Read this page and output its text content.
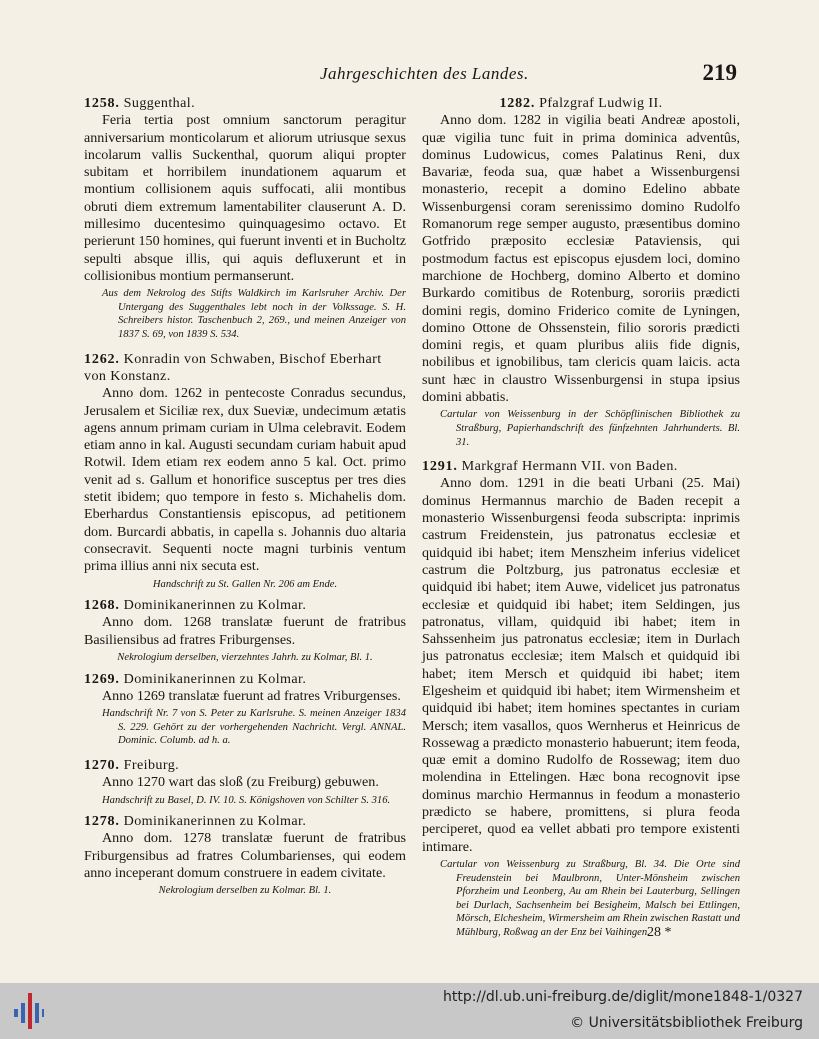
Jahrgeschichten des Landes.	219

1258. Suggenthal.

Feria tertia post omnium sanctorum peragitur anniversarium monticolarum et aliorum utriusque sexus incolarum vallis Suckenthal, quorum aliqui propter subitam et horribilem inundationem aquarum et montium collisionem aquis suffocati, alii montibus obruti diem extremum lamentabiliter clauserunt A. D. millesimo ducentesimo quinquagesimo octavo. Et perierunt 150 homines, qui fuerunt inventi et in Bucholtz sepulti absque illis, qui aquis defluxerunt et in collisionibus montium permanserunt.

Aus dem Nekrolog des Stifts Waldkirch im Karlsruher Archiv. Der Untergang des Suggenthales lebt noch in der Volkssage. S. H. Schreibers histor. Taschenbuch 2, 269., und meinen Anzeiger von 1837 S. 69, von 1839 S. 534.

1262. Konradin von Schwaben, Bischof Eberhart von Konstanz.

Anno dom. 1262 in pentecoste Conradus secundus, Jerusalem et Siciliæ rex, dux Sueviæ, undecimum ætatis agens annum primam curiam in Ulma celebravit. Eodem etiam anno in kal. Augusti secundam curiam habuit apud Rotwil. Idem etiam rex eodem anno 5 kal. Oct. primo venit ad s. Gallum et honorifice susceptus per tres dies stetit ibidem; quo tempore in festo s. Michahelis dom. Eberhardus Constantiensis episcopus, ad petitionem dom. Burcardi abbatis, in capella s. Johannis duo altaria consecravit. Sequenti nocte magni turbinis ventum prima illius anni nix secuta est.

Handschrift zu St. Gallen Nr. 206 am Ende.

1268. Dominikanerinnen zu Kolmar.

Anno dom. 1268 translatæ fuerunt de fratribus Basiliensibus ad fratres Friburgenses.

Nekrologium derselben, vierzehntes Jahrh. zu Kolmar, Bl. 1.

1269. Dominikanerinnen zu Kolmar.

Anno 1269 translatæ fuerunt ad fratres Vriburgenses.

Handschrift Nr. 7 von S. Peter zu Karlsruhe. S. meinen Anzeiger 1834 S. 229. Gehört zu der vorhergehenden Nachricht. Vergl. ANNAL. Dominic. Columb. ad h. a.

1270. Freiburg.

Anno 1270 wart das sloß (zu Freiburg) gebuwen.

Handschrift zu Basel, D. IV. 10. S. Königshoven von Schilter S. 316.

1278. Dominikanerinnen zu Kolmar.

Anno dom. 1278 translatæ fuerunt de fratribus Friburgensibus ad fratres Columbarienses, qui eodem anno inceperant domum construere in eadem civitate.

Nekrologium derselben zu Kolmar. Bl. 1.

1282. Pfalzgraf Ludwig II.

Anno dom. 1282 in vigilia beati Andreæ apostoli, quæ vigilia tunc fuit in prima dominica adventûs, dominus Ludowicus, comes Palatinus Reni, dux Bavariæ, feoda sua, quæ habet a Wissenburgensi monasterio, recepit a domino Edelino abbate Wissenburgensi coram serenissimo domino Rudolfo Romanorum rege semper augusto, præsentibus domino Gotfrido præposito ecclesiæ Pataviensis, qui postmodum factus est episcopus ejusdem loci, domino marchione de Hochberg, domino Alberto et domino Burkardo comitibus de Rotenburg, sororiis prædicti domini regis, domino Friderico comite de Lyningen, domino Ottone de Ohssenstein, filio sororis prædicti domini regis, et quam pluribus aliis fide dignis, nobilibus et ignobilibus, tam clericis quam laicis. acta sunt hæc in claustro Wissenburgensi in stupa ipsius domini abbatis.

Cartular von Weissenburg in der Schöpflinischen Bibliothek zu Straßburg, Papierhandschrift des fünfzehnten Jahrhunderts. Bl. 31.

1291. Markgraf Hermann VII. von Baden.

Anno dom. 1291 in die beati Urbani (25. Mai) dominus Hermannus marchio de Baden recepit a monasterio Wissenburgensi feoda subscripta: inprimis castrum Freidenstein, jus patronatus ecclesiæ et quidquid ibi habet; item Menszheim inferius videlicet castrum die Poltzburg, jus patronatus ecclesiæ et quidquid ibi habet; item Auwe, videlicet jus patronatus ecclesiæ et quidquid ibi habet; item Seldingen, jus patronatus, villam, quidquid ibi habet; item in Sahssenheim jus patronatus ecclesiæ; item in Durlach jus patronatus ecclesiæ; item Malsch et quidquid ibi habet; item Mersch et quidquid ibi habet; item Elgesheim et quidquid ibi habet; item Wirmensheim et quidquid ibi habet; item homines spectantes in curiam Mersch; item vasallos, quos Wernherus et Heinricus de Rossewag a prædicto monasterio habuerunt; item feoda, quæ emit a domino Rudolfo de Rossewag; item duo molendina in Ettelingen. Hæc bona recognovit ipse dominus marchio Hermannus in feodum a monasterio prædicto se habere, promittens, si plura feoda perciperet, quod ea vellet abbati pro tempore existenti intimare.

Cartular von Weissenburg zu Straßburg, Bl. 34. Die Orte sind Freudenstein bei Maulbronn, Unter-Mönsheim zwischen Pforzheim und Leonberg, Au am Rhein bei Lauterburg, Sellingen bei Durlach, Sachsenheim bei Besigheim, Malsch bei Ettlingen, Mörsch, Elchesheim, Wirmersheim am Rhein zwischen Rastatt und Mühlburg, Roßwag an der Enz bei Vaihingen.

28 *
http://dl.ub.uni-freiburg.de/diglit/mone1848-1/0327
© Universitätsbibliothek Freiburg
